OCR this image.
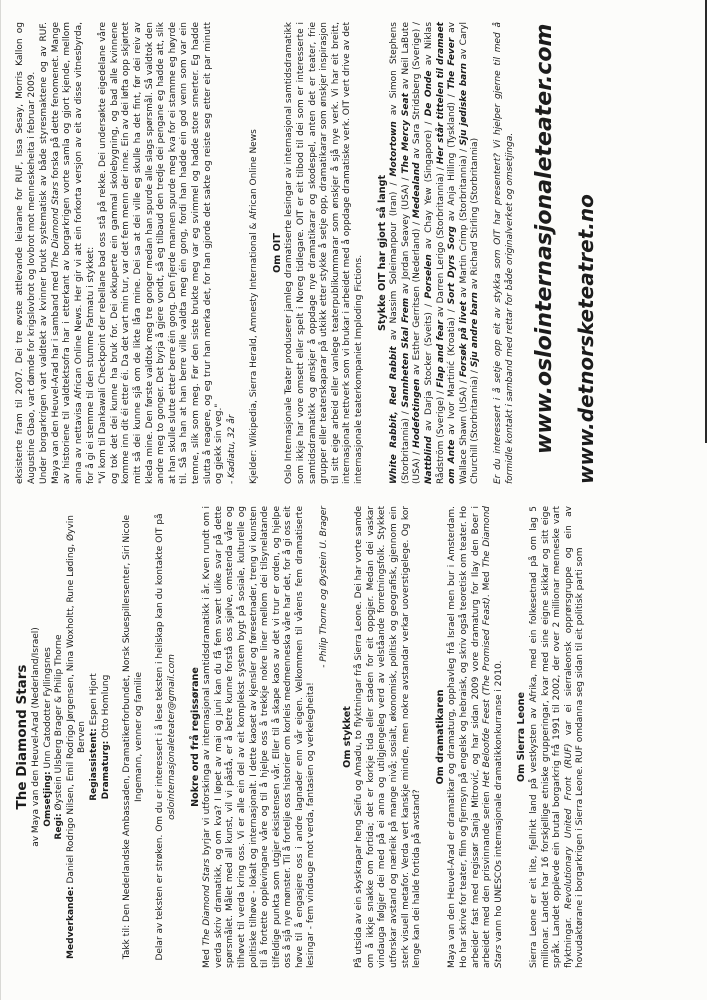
The Diamond Stars av Maya van den Heuvel-Arad (Nederland/Israel) Omsetjing: Unn Catodotter Fyllingsnes
Regi: Øystein Ulsberg Brager & Philip Thorne
Medverkande: Daniel Rodrigo Nilsen, Emil Rodrigo Jørgensen, Nina Woxholtt, Rune Løding, Øyvin Berven Regiassistent: Espen Hjort
Dramaturg: Otto Homlung Takk til: Den Nederlandske Ambassaden, Dramatikerforbundet, Norsk Skuespillersenter, Siri Nicole Ingemann, venner og familie Delar av teksten er strøken. Om du er interessert i å lese teksten i heilskap kan du kontakte OIT på oslointernasjonaleteater@gmail.com Nokre ord frå regissørane
Med The Diamond Stars byrjar vi utforskinga av internasjonal samtidsdramatikk i år. Kven rundt om i verda skriv dramatikk, og om kva? I løpet av mai og juni kan du få fem svært ulike svar på dette spørsmålet. Målet med all kunst, vil vi påstå, er å betre kunne forstå oss sjølve, omstenda våre og tilhøvet til verda kring oss. Vi er alle ein del av eit komplekst system bygt på sosiale, kulturelle og politiske tilhøve - lokalt og internasjonalt. I dette kaoset av kjensler og føresetnader, treng vi kunsten til å fortette opplevingane våre og til å hjelpe oss å trekkje nokre liner mellom dei tilsynelatande tilfeldige punkta som utgjer eksistensen vår. Eller til å skape kaos av det vi trur er orden, og hjelpe oss å sjå nye mønster. Til å fortelje oss historier om korleis medmenneska våre har det, for å gi oss eit høve til å engasjere oss i andre lagnader enn vår eigen. Velkommen til vårens fem dramatiserte lesingar - fem vindauge mot verda, fantasien og verkelegheita!
- Philip Thorne og Øystein U. Brager
Om stykket På utsida av ein skyskrapar heng Seifu og Amadu, to flyktningar frå Sierra Leone. Dei har vorte samde om å ikkje snakke om fortida; det er korkje tida eller staden for eit oppgjer. Medan dei vaskar vindauga følgjer dei med på ei anna og utilgjengeleg verd av velståande forretningsfolk. Stykket utforskar avstand og nærleik på mange nivå; sosialt, økonomisk, politisk og geografisk, gjennom ein sterk visuell metafor. Verda vert kanskje mindre, men nokre avstandar verkar uoverstigelege. Og kor lenge kan dei halde fortida på avstand?
Om dramatikaren Maya van den Heuvel-Arad er dramatikar og dramaturg, opphavleg frå Israel men bur i Amsterdam. Ho har skrive for teater, film og fjernsyn på engelsk og hebraisk, og skriv også teoretisk om teater. Ho arbeider fast med regissør Sanja Mitrović, og har sidan 2009 vore dramaturg for Ilay den Boer i arbeidet med den prisvinnande serien Het Beloofde Feest (The Promised Feast). Med The Diamond Stars vann ho UNESCOs internasjonale dramatikkonkurranse i 2010. Om Sierra Leone Sierra Leone er eit lite, fjellrikt land på vestkysten av Afrika, med ein folkesetnad på om lag 5 millionar. Landet har 16 forskjellige etniske grupperingar, kvar med sine eigne skikkar og sitt eige språk. Landet opplevde ein brutal borgarkrig frå 1991 til 2002, der over 2 millionar menneske vart flyktningar. Revolutionary United Front (RUF) var ei sierraleonsk opprørsgruppe og ein av hovudaktørane i borgarkrigen i Sierra Leone. RUF omdanna seg sidan til eit politisk parti som
eksisterte fram til 2007. Dei tre øvste attlevande leiarane for RUF, Issa Sesay, Morris Kallon og Augustine Gbao, vart dømde for krigslovbrot og lovbrot mot menneskeheita i februar 2009. Under borgarkrigen vart valdtekt av kvinner brukt systematisk av både styresmaktene og av RUF. Maya van den Heuvel-Arad har i samband med The Diamond Stars forska på dette fenomenet. Mange av historiene til valdtektsofra har i etterkant av borgarkrigen vorte samla og gjort kjende, mellom anna av nettavisa African Online News. Her gir vi att ein forkorta versjon av eit av disse vitnesbyrda, for å gi ei stemme til den stumme Fatmatu i stykket: "Vi kom til Dankawali Checkpoint der rebellane bad oss stå på rekke. Dei undersøkte eigedelane våre og tok det dei kunne ha bruk for. Dei okkuperte ein gammal skolebygning, og bad alle kvinnene komme inn dit éi etter éi. Da det vart min tur, var det fem menn der inne. Ein av dei løfta opp skjørtet mitt så dei kunne sjå om de likte låra mine. Dei sa at dei ville eg skulle ha det fint, før dei reiv av kleda mine. Den første valdtok meg tre gonger medan han spurde alle slags spørsmål. Så valdtok den andre meg to gonger. Det byrja å gjere vondt, så eg tilbaud den tredje dei pengane eg hadde att, slik at han skulle slutte etter berre éin gong. Den fjerde mannen spurde meg kva for ei stamme eg høyrde til. Så sa han at han berre ville valdta meg éin gong, fordi han hadde ein god venn som var ein temne, slik som meg. Før den siste brukte meg var eg svimmel og hadde store smerter. Eg hadde slutta å reagere, og eg trur han merka det, for han gjorde det sakte og reiste seg etter eit par minutt og gjekk sin veg." - Kadiatu, 32 år Kjelder: Wikipedia, Sierra Herald, Amnesty International & African Online News Om OIT Oslo Internasjonale Teater produserer jamleg dramatiserte lesingar av internasjonal samtidsdramatikk som ikkje har vore omsett eller spelt i Noreg tidlegare. OIT er eit tilbod til dei som er interesserte i samtidsdramatikk og ønskjer å oppdage nye dramatikarar og skodespel, anten det er teater, frie grupper eller teaterskaparar på utkikk etter stykke å setje opp, dramatikarar som ønskjer inspirasjon til sitt eige arbeid eller vanlege teaterpublikummarar som ønskjer å sjå nye verk. Vi har eit breitt, internasjonalt nettverk som vi brukar i arbeidet med å oppdage dramatiske verk. OIT vert drive av det internasjonale teaterkompaniet Imploding Fictions.
Stykke OIT har gjort så langt
White Rabbit, Red Rabbit av Nassim Soleimanpour (Iran) / Motortown av Simon Stephens (Storbritannia) / Sannheten Skal Frem av Jordan Seavey (USA) / The Mercy Seat av Neil LaBute (USA) / Hodefotingen av Esther Gerritsen (Nederland) / Medealand av Sara Stridsberg (Sverige) / Nattblind av Darja Stocker (Sveits) / Porselen av Chay Yew (Singapore) / De Onde av Niklas Rådström (Sverige) / Flap and fear av Darren Lerigo (Storbritannia) / Her står tittelen til dramaet om Ante av Ivor Martinić (Kroatia) / Sort Dyrs Sorg av Anja Hilling (Tyskland) / The Fever av Wallace Shawn (USA) / Forsøk på livet av Martin Crimp (Storbritannia) / Sju jødiske barn av Caryl Churchill (Storbritannia) / Sju andre barn av Richard Stirling (Storbritannia) Er du interessert i å setje opp eit av stykka som OIT har presentert? Vi hjelper gjerne til med å formidle kontakt i samband med rettar for både originalverket og omsetjinga. www.oslointernasjonaleteater.com www.detnorsketeatret.no
